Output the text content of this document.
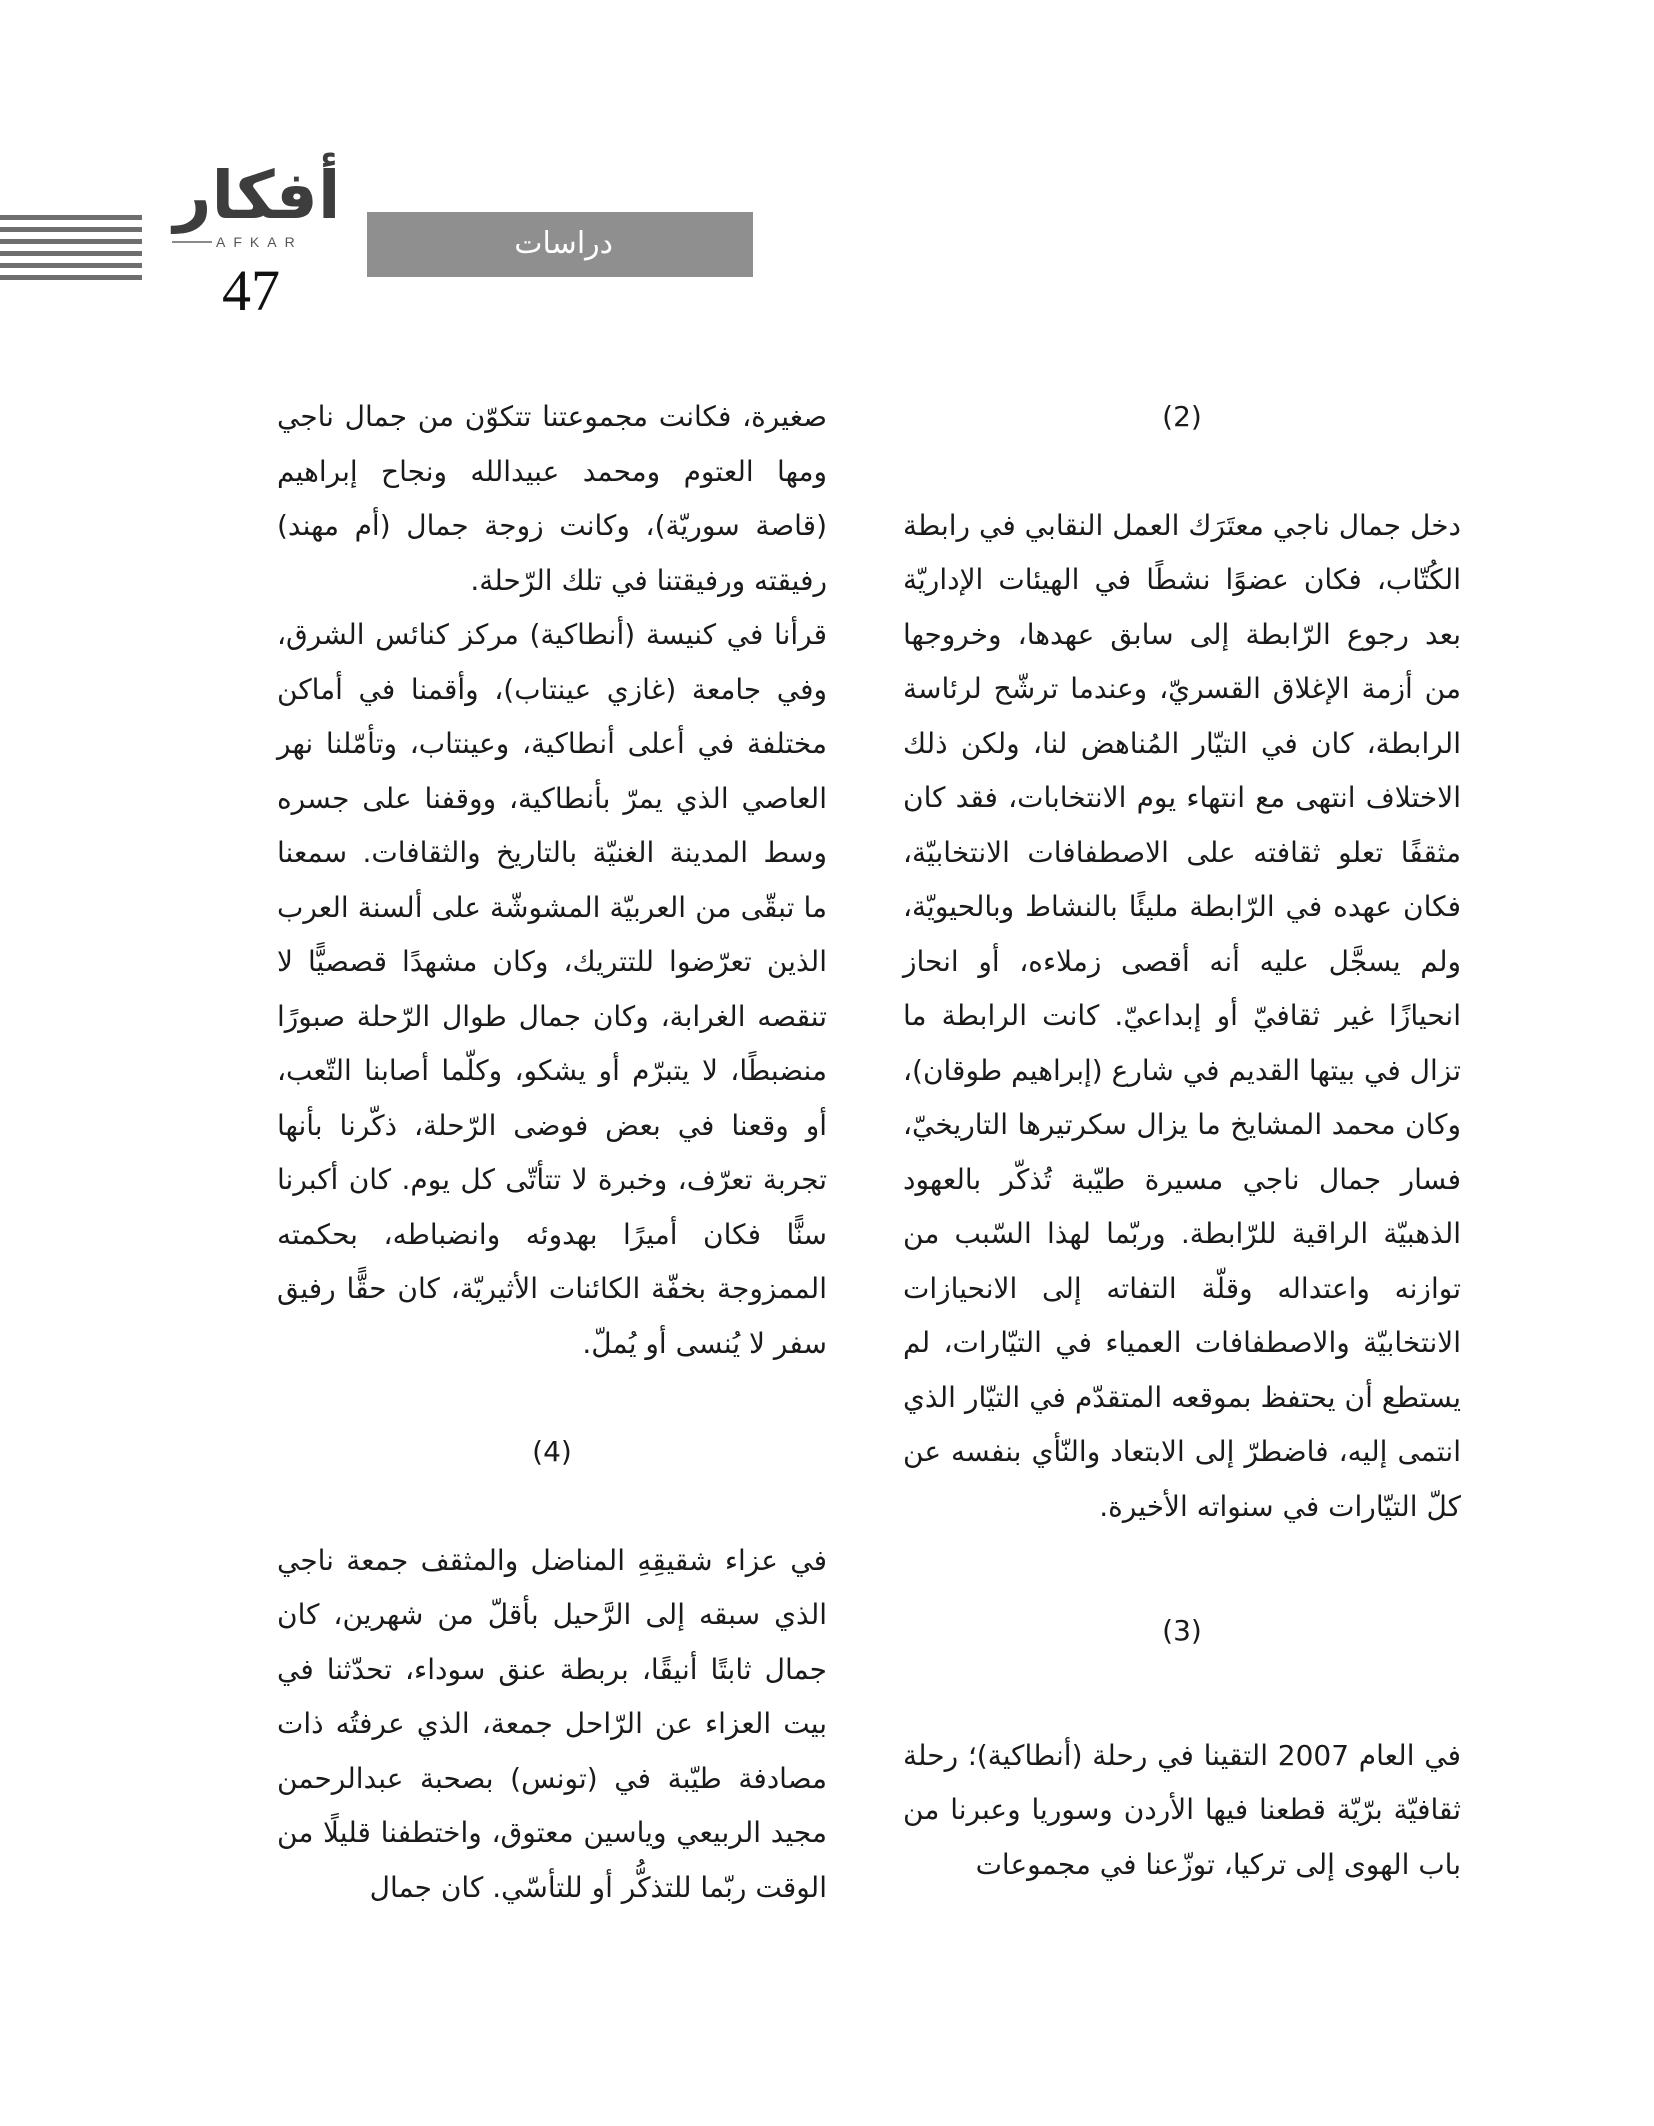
أفكار
AFKAR
47
دراسات

(2)

دخل جمال ناجي معتَرَك العمل النقابي في رابطة الكُتّاب، فكان عضوًا نشطًا في الهيئات الإداريّة بعد رجوع الرّابطة إلى سابق عهدها، وخروجها من أزمة الإغلاق القسريّ، وعندما ترشّح لرئاسة الرابطة، كان في التيّار المُناهض لنا، ولكن ذلك الاختلاف انتهى مع انتهاء يوم الانتخابات، فقد كان مثقفًا تعلو ثقافته على الاصطفافات الانتخابيّة، فكان عهده في الرّابطة مليئًا بالنشاط وبالحيويّة، ولم يسجَّل عليه أنه أقصى زملاءه، أو انحاز انحيازًا غير ثقافيّ أو إبداعيّ. كانت الرابطة ما تزال في بيتها القديم في شارع (إبراهيم طوقان)، وكان محمد المشايخ ما يزال سكرتيرها التاريخيّ، فسار جمال ناجي مسيرة طيّبة تُذكّر بالعهود الذهبيّة الراقية للرّابطة. وربّما لهذا السّبب من توازنه واعتداله وقلّة التفاته إلى الانحيازات الانتخابيّة والاصطفافات العمياء في التيّارات، لم يستطع أن يحتفظ بموقعه المتقدّم في التيّار الذي انتمى إليه، فاضطرّ إلى الابتعاد والنّأي بنفسه عن كلّ التيّارات في سنواته الأخيرة.

(3)

في العام 2007 التقينا في رحلة (أنطاكية)؛ رحلة ثقافيّة برّيّة قطعنا فيها الأردن وسوريا وعبرنا من باب الهوى إلى تركيا، توزّعنا في مجموعات

صغيرة، فكانت مجموعتنا تتكوّن من جمال ناجي ومها العتوم ومحمد عبيدالله ونجاح إبراهيم (قاصة سوريّة)، وكانت زوجة جمال (أم مهند) رفيقته ورفيقتنا في تلك الرّحلة.

قرأنا في كنيسة (أنطاكية) مركز كنائس الشرق، وفي جامعة (غازي عينتاب)، وأقمنا في أماكن مختلفة في أعلى أنطاكية، وعينتاب، وتأمّلنا نهر العاصي الذي يمرّ بأنطاكية، ووقفنا على جسره وسط المدينة الغنيّة بالتاريخ والثقافات. سمعنا ما تبقّى من العربيّة المشوشّة على ألسنة العرب الذين تعرّضوا للتتريك، وكان مشهدًا قصصيًّا لا تنقصه الغرابة، وكان جمال طوال الرّحلة صبورًا منضبطًا، لا يتبرّم أو يشكو، وكلّما أصابنا التّعب، أو وقعنا في بعض فوضى الرّحلة، ذكّرنا بأنها تجربة تعرّف، وخبرة لا تتأتّى كل يوم. كان أكبرنا سنًّا فكان أميرًا بهدوئه وانضباطه، بحكمته الممزوجة بخفّة الكائنات الأثيريّة، كان حقًّا رفيق سفر لا يُنسى أو يُملّ.

(4)

في عزاء شقيقِهِ المناضل والمثقف جمعة ناجي الذي سبقه إلى الرَّحيل بأقلّ من شهرين، كان جمال ثابتًا أنيقًا، بربطة عنق سوداء، تحدّثنا في بيت العزاء عن الرّاحل جمعة، الذي عرفتُه ذات مصادفة طيّبة في (تونس) بصحبة عبدالرحمن مجيد الربيعي وياسين معتوق، واختطفنا قليلًا من الوقت ربّما للتذكُّر أو للتأسّي. كان جمال
